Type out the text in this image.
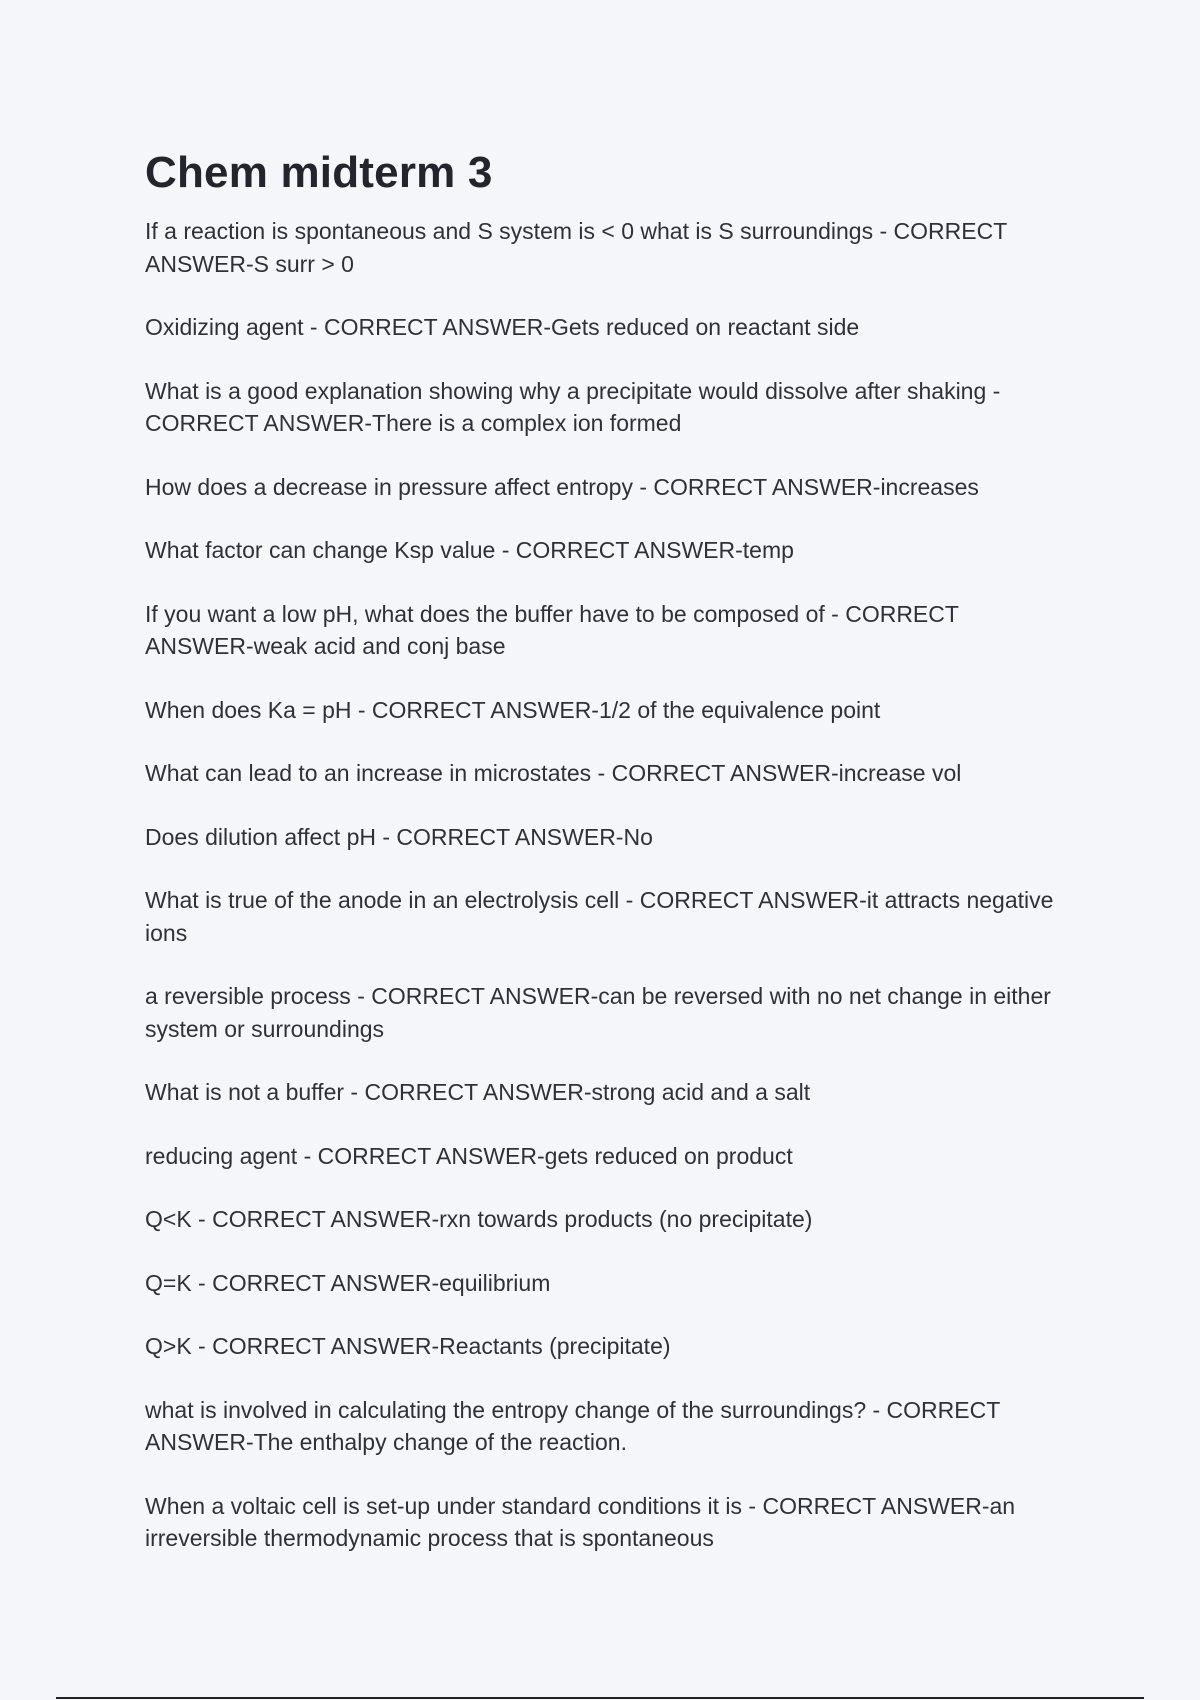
Chem midterm 3

If a reaction is spontaneous and S system is < 0 what is S surroundings - CORRECT ANSWER-S surr > 0

Oxidizing agent - CORRECT ANSWER-Gets reduced on reactant side

What is a good explanation showing why a precipitate would dissolve after shaking - CORRECT ANSWER-There is a complex ion formed

How does a decrease in pressure affect entropy - CORRECT ANSWER-increases

What factor can change Ksp value - CORRECT ANSWER-temp

If you want a low pH, what does the buffer have to be composed of - CORRECT ANSWER-weak acid and conj base

When does Ka = pH - CORRECT ANSWER-1/2 of the equivalence point

What can lead to an increase in microstates - CORRECT ANSWER-increase vol

Does dilution affect pH - CORRECT ANSWER-No

What is true of the anode in an electrolysis cell - CORRECT ANSWER-it attracts negative ions

a reversible process - CORRECT ANSWER-can be reversed with no net change in either system or surroundings

What is not a buffer - CORRECT ANSWER-strong acid and a salt

reducing agent - CORRECT ANSWER-gets reduced on product

Q<K - CORRECT ANSWER-rxn towards products (no precipitate)

Q=K - CORRECT ANSWER-equilibrium

Q>K - CORRECT ANSWER-Reactants (precipitate)

what is involved in calculating the entropy change of the surroundings? - CORRECT ANSWER-The enthalpy change of the reaction.

When a voltaic cell is set-up under standard conditions it is - CORRECT ANSWER-an irreversible thermodynamic process that is spontaneous
